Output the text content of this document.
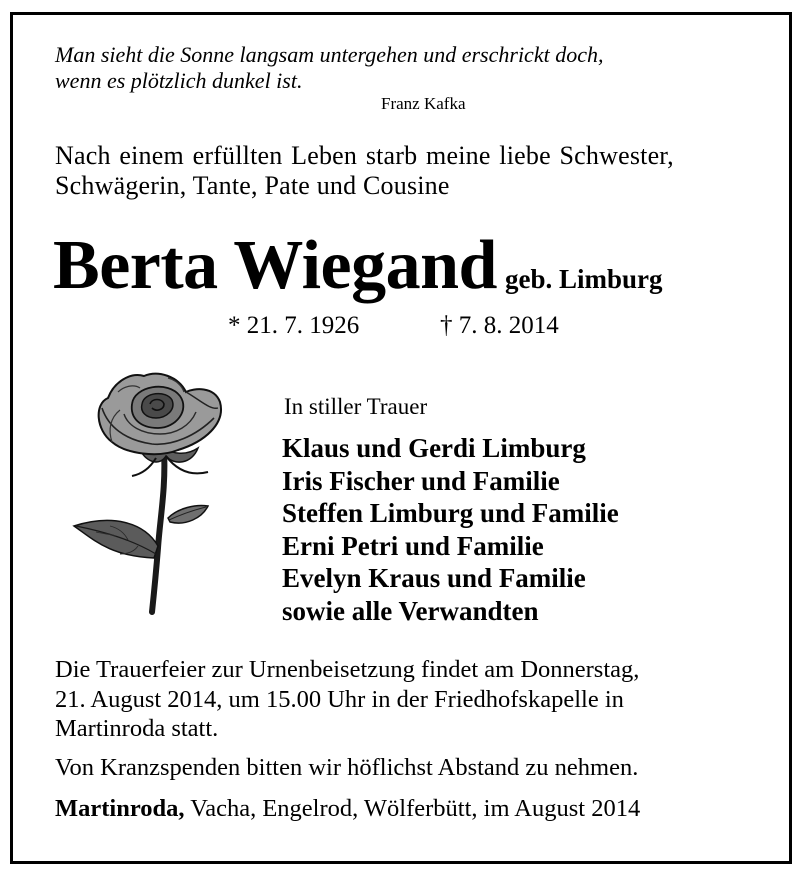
Man sieht die Sonne langsam untergehen und erschrickt doch,
wenn es plötzlich dunkel ist.
Franz Kafka
Nach einem erfüllten Leben starb meine liebe Schwester,
Schwägerin, Tante, Pate und Cousine
Berta Wiegand geb. Limburg
* 21. 7. 1926	† 7. 8. 2014
In stiller Trauer
Klaus und Gerdi Limburg
Iris Fischer und Familie
Steffen Limburg und Familie
Erni Petri und Familie
Evelyn Kraus und Familie
sowie alle Verwandten
Die Trauerfeier zur Urnenbeisetzung findet am Donnerstag,
21. August 2014, um 15.00 Uhr in der Friedhofskapelle in
Martinroda statt.
Von Kranzspenden bitten wir höflichst Abstand zu nehmen.
Martinroda, Vacha, Engelrod, Wölferbütt, im August 2014
